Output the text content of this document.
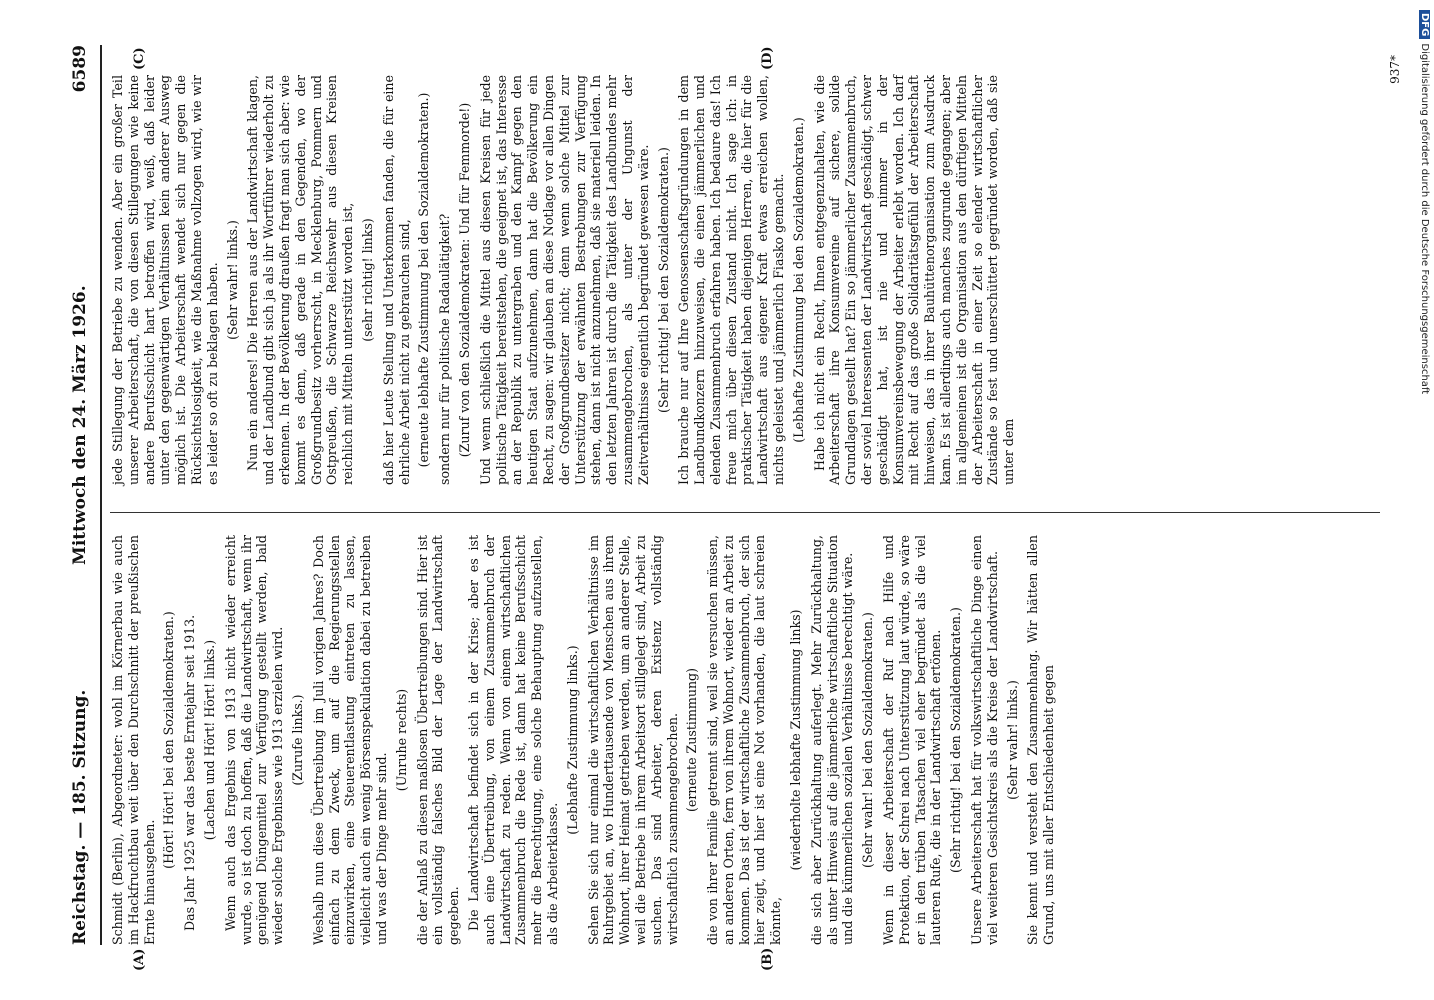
Reichstag. — 185. Sitzung.
Mittwoch den 24. März 1926.
6589

Schmidt (Berlin), Abgeordneter: wohl im Körnerbau wie auch im Hackfruchtbau weit über den Durchschnitt der preußischen Ernte hinausgehen.

(Hört! Hört! bei den Sozialdemokraten.) Das Jahr 1925 war das beste Erntejahr seit 1913. (Lachen und Hört! Hört! links.) Wenn auch das Ergebnis von 1913 nicht wieder erreicht wurde, so ist doch zu hoffen, daß die Landwirtschaft, wenn ihr genügend Düngemittel zur Verfügung gestellt werden, bald wieder solche Ergebnisse wie 1913 erzielen wird. (Zurufe links.) Weshalb nun diese Übertreibung im Juli vorigen Jahres? Doch einfach zu dem Zweck, um auf die Regierungsstellen einzuwirken, eine Steuerentlastung eintreten zu lassen, vielleicht auch ein wenig Börsenspekulation dabei zu betreiben und was der Dinge mehr sind.

(Unruhe rechts) die der Anlaß zu diesen maßlosen Übertreibungen sind. Hier ist ein vollständig falsches Bild der Lage der Landwirtschaft gegeben. Die Landwirtschaft befindet sich in der Krise; aber es ist auch eine Übertreibung, von einem Zusammenbruch der Landwirtschaft zu reden. Wenn von einem wirtschaftlichen Zusammenbruch die Rede ist, dann hat keine Berufsschicht mehr die Berechtigung, eine solche Behauptung aufzustellen, als die Arbeiterklasse.

(Lebhafte Zustimmung links.) Sehen Sie sich nur einmal die wirtschaftlichen Verhältnisse im Ruhrgebiet an, wo Hunderttausende von Menschen aus ihrem Wohnort, ihrer Heimat getrieben werden, um an anderer Stelle, weil die Betriebe in ihrem Arbeitsort stillgelegt sind, Arbeit zu suchen. Das sind Arbeiter, deren Existenz vollständig wirtschaftlich zusammengebrochen. (erneute Zustimmung) die von ihrer Familie getrennt sind, weil sie versuchen müssen, an anderen Orten, fern von ihrem Wohnort, wieder an Arbeit zu kommen. Das ist der wirtschaftliche Zusammenbruch, der sich hier zeigt, und hier ist eine Not vorhanden, die laut schreien könnte,

(wiederholte lebhafte Zustimmung links) die sich aber Zurückhaltung auferlegt. Mehr Zurückhaltung, als unter Hinweis auf die jämmerliche wirtschaftliche Situation und die kümmerlichen sozialen Verhältnisse berechtigt wäre. (Sehr wahr! bei den Sozialdemokraten.) Wenn in dieser Arbeiterschaft der Ruf nach Hilfe und Protektion, der Schrei nach Unterstützung laut würde, so wäre er in den trüben Tatsachen viel eher begründet als die viel lauteren Rufe, die in der Landwirtschaft ertönen. (Sehr richtig! bei den Sozialdemokraten.) Unsere Arbeiterschaft hat für volkswirtschaftliche Dinge einen viel weiteren Gesichtskreis als die Kreise der Landwirtschaft. (Sehr wahr! links.) Sie kennt und versteht den Zusammenhang. Wir hätten allen Grund, uns mit aller Entschiedenheit gegen

jede Stillegung der Betriebe zu wenden. Aber ein großer Teil unserer Arbeiterschaft, die von diesen Stillegungen wie keine andere Berufsschicht hart betroffen wird, weiß, daß leider unter den gegenwärtigen Verhältnissen kein anderer Ausweg möglich ist. Die Arbeiterschaft wendet sich nur gegen die Rücksichtslosigkeit, wie die Maßnahme vollzogen wird, wie wir es leider so oft zu beklagen haben. (Sehr wahr! links.) Nun ein anderes! Die Herren aus der Landwirtschaft klagen, und der Landbund gibt sich ja als ihr Wortführer wiederholt zu erkennen. In der Bevölkerung draußen fragt man sich aber: wie kommt es denn, daß gerade in den Gegenden, wo der Großgrundbesitz vorherrscht, in Mecklenburg, Pommern und Ostpreußen, die Schwarze Reichswehr aus diesen Kreisen reichlich mit Mitteln unterstützt worden ist, (sehr richtig! links) daß hier Leute Stellung und Unterkommen fanden, die für eine ehrliche Arbeit nicht zu gebrauchen sind, (erneute lebhafte Zustimmung bei den Sozialdemokraten.) sondern nur für politische Radaulätigkeit? (Zuruf von den Sozialdemokraten: Und für Femmorde!) Und wenn schließlich die Mittel aus diesen Kreisen für jede politische Tätigkeit bereitstehen, die geeignet ist, das Interesse an der Republik zu untergraben und den Kampf gegen den heutigen Staat aufzunehmen, dann hat die Bevölkerung ein Recht, zu sagen: wir glauben an diese Notlage vor allen Dingen der Großgrundbesitzer nicht; denn wenn solche Mittel zur Unterstützung der erwähnten Bestrebungen zur Verfügung stehen, dann ist nicht anzunehmen, daß sie materiell leiden. In den letzten Jahren ist durch die Tätigkeit des Landbundes mehr zusammengebrochen, als unter der Ungunst der Zeitverhältnisse eigentlich begründet gewesen wäre. (Sehr richtig! bei den Sozialdemokraten.) Ich brauche nur auf Ihre Genossenschaftsgründungen in dem Landbundkonzern hinzuweisen, die einen jämmerlichen und elenden Zusammenbruch erfahren haben. Ich bedaure das! Ich freue mich über diesen Zustand nicht. Ich sage ich: in praktischer Tätigkeit haben diejenigen Herren, die hier für die Landwirtschaft aus eigener Kraft etwas erreichen wollen, nichts geleistet und jämmerlich Fiasko gemacht. (Lebhafte Zustimmung bei den Sozialdemokraten.) Habe ich nicht ein Recht, Ihnen entgegenzuhalten, wie die Arbeiterschaft ihre Konsumvereine auf sichere, solide Grundlagen gestellt hat? Ein so jämmerlicher Zusammenbruch, der soviel Interessenten der Landwirtschaft geschädigt, schwer geschädigt hat, ist nie und nimmer in der Konsumvereinsbewegung der Arbeiter erlebt worden. Ich darf mit Recht auf das große Solidaritätsgefühl der Arbeiterschaft hinweisen, das in ihrer Bauhüttenorganisation zum Ausdruck kam. Es ist allerdings auch manches zugrunde gegangen; aber im allgemeinen ist die Organisation aus den dürftigen Mitteln der Arbeiterschaft in einer Zeit so elender wirtschaftlicher Zustände so fest und unerschüttert gegründet worden, daß sie unter dem

(A)	(B)
(C)	(D)	937*
DFGDigitalisierung gefördert durch die Deutsche Forschungsgemeinschaft
